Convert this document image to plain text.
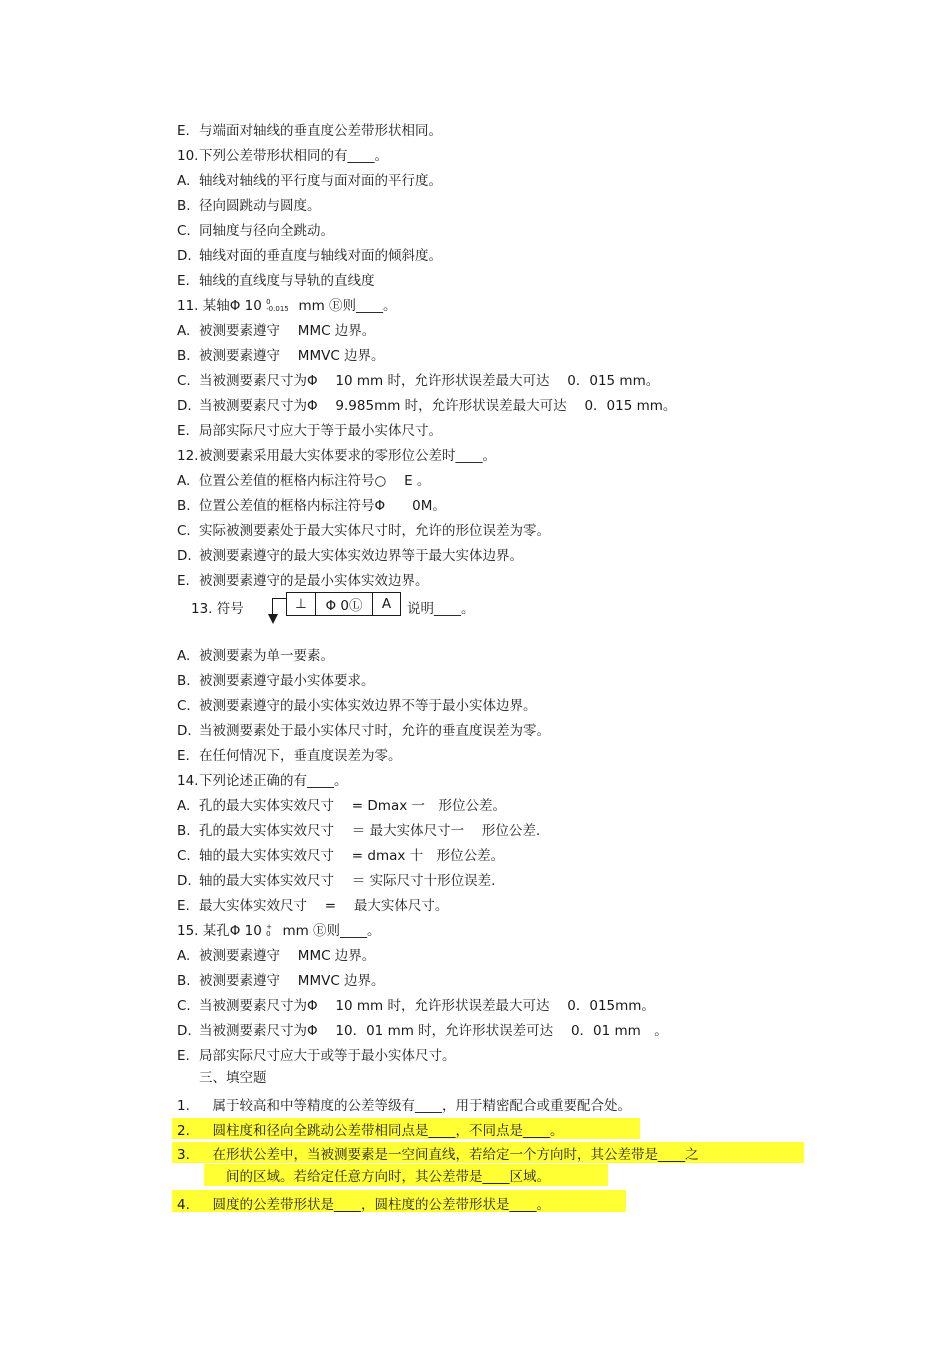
E. 与端面对轴线的垂直度公差带形状相同。
10.下列公差带形状相同的有____。
A. 轴线对轴线的平行度与面对面的平行度。
B. 径向圆跳动与圆度。
C. 同轴度与径向全跳动。
D. 轴线对面的垂直度与轴线对面的倾斜度。
E. 轴线的直线度与导轨的直线度
A. 被测要素遵守　 MMC 边界。
B. 被测要素遵守　 MMVC 边界。
C. 当被测要素尺寸为Φ　 10 mm 时，允许形状误差最大可达　 0．015 mm。
D. 当被测要素尺寸为Φ　 9.985mm 时，允许形状误差最大可达　 0．015 mm。
E. 局部实际尺寸应大于等于最小实体尺寸。
12.被测要素采用最大实体要求的零形位公差时____。
A. 位置公差值的框格内标注符号○　 E 。
B. 位置公差值的框格内标注符号Φ　　0M。
C. 实际被测要素处于最大实体尺寸时，允许的形位误差为零。
D. 被测要素遵守的最大实体实效边界等于最大实体边界。
E. 被测要素遵守的是最小实体实效边界。
A. 被测要素为单一要素。
B. 被测要素遵守最小实体要求。
C. 被测要素遵守的最小实体实效边界不等于最小实体边界。
D. 当被测要素处于最小实体尺寸时，允许的垂直度误差为零。
E. 在任何情况下，垂直度误差为零。
14.下列论述正确的有____。
A. 孔的最大实体实效尺寸　 = Dmax 一　形位公差。
B. 孔的最大实体实效尺寸　 ＝ 最大实体尺寸一　 形位公差.
C. 轴的最大实体实效尺寸　 = dmax 十　形位公差。
D. 轴的最大实体实效尺寸　 ＝ 实际尺寸十形位误差.
E. 最大实体实效尺寸　 = 　最大实体尺寸。
A. 被测要素遵守　 MMC 边界。
B. 被测要素遵守　 MMVC 边界。
C. 当被测要素尺寸为Φ　 10 mm 时，允许形状误差最大可达　 0．015mm。
D. 当被测要素尺寸为Φ　 10．01 mm 时，允许形状误差可达　 0．01 mm　。
E. 局部实际尺寸应大于或等于最小实体尺寸。
三、填空题
1.　属于较高和中等精度的公差等级有____，用于精密配合或重要配合处。
2.　圆柱度和径向全跳动公差带相同点是____，不同点是____。
3.　在形状公差中，当被测要素是一空间直线，若给定一个方向时，其公差带是____之
　　间的区域。若给定任意方向时，其公差带是____区域。
4.　圆度的公差带形状是____，圆柱度的公差带形状是____。
11. 某轴Φ 10 0
-0.015 mm Ⓔ则____。
13. 符号	说明____。
⊥	Φ 0Ⓛ	A
15. 某孔Φ 10 +
0 mm Ⓔ则____。
